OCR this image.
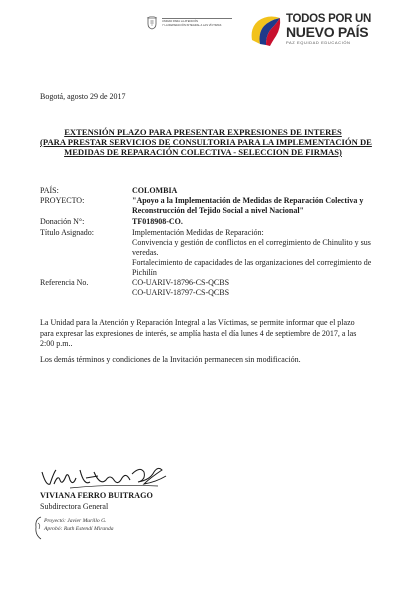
UNIDAD PARA LA ATENCIÓN
Y LA REPARACIÓN INTEGRAL A LAS VÍCTIMAS
TODOS POR UN
NUEVO PAÍS
PAZ EQUIDAD EDUCACIÓN
Bogotá, agosto 29 de 2017
EXTENSIÓN PLAZO PARA PRESENTAR EXPRESIONES DE INTERES
(PARA PRESTAR SERVICIOS DE CONSULTORIA PARA LA IMPLEMENTACIÓN DE
MEDIDAS DE REPARACIÓN COLECTIVA - SELECCION DE FIRMAS)
PAÍS:	COLOMBIA
PROYECTO:	"Apoyo a la Implementación de Medidas de Reparación Colectiva y
Reconstrucción del Tejido Social a nivel Nacional"
Donación N°:	TF018908-CO.
Título Asignado:	Implementación Medidas de Reparación:
Convivencia y gestión de conflictos en el corregimiento de Chinulito y sus
veredas.
Fortalecimiento de capacidades de las organizaciones del corregimiento de
Pichilín
Referencia No.	CO-UARIV-18796-CS-QCBS
CO-UARIV-18797-CS-QCBS
La Unidad para la Atención y Reparación Integral a las Víctimas, se permite informar que el plazo
para expresar las expresiones de interés, se amplía hasta el día lunes 4 de septiembre de 2017, a las
2:00 p.m..
Los demás términos y condiciones de la Invitación permanecen sin modificación.
VIVIANA FERRO BUITRAGO
Subdirectora General
Proyectó: Javier Murillo G.
Aprobó: Ruth Estendí Miranda
